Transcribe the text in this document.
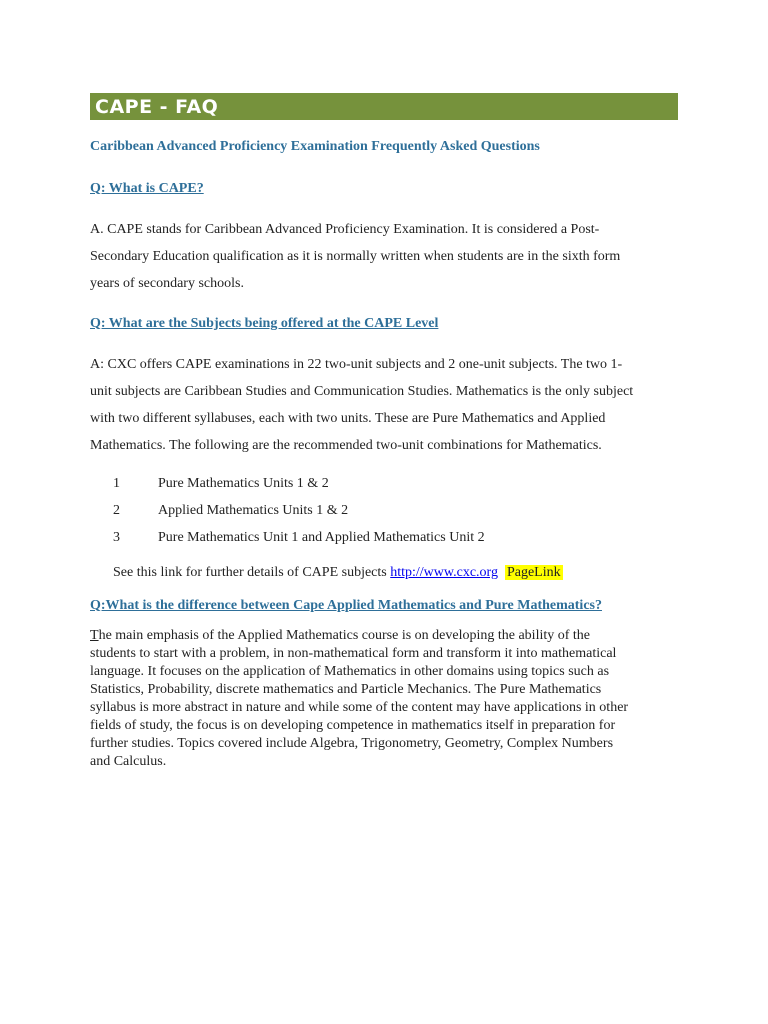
CAPE - FAQ
Caribbean Advanced Proficiency Examination Frequently Asked Questions
Q: What is CAPE?
A. CAPE stands for Caribbean Advanced Proficiency Examination. It is considered a Post-
Secondary Education qualification as it is normally written when students are in the sixth form
years of secondary schools.
Q: What are the Subjects being offered at the CAPE Level
A: CXC offers CAPE examinations in 22 two-unit subjects and 2 one-unit subjects. The two 1-
unit subjects are Caribbean Studies and Communication Studies. Mathematics is the only subject
with two different syllabuses, each with two units. These are Pure Mathematics and Applied
Mathematics. The following are the recommended two-unit combinations for Mathematics.
1	Pure Mathematics Units 1 & 2
2	Applied Mathematics Units 1 & 2
3	Pure Mathematics Unit 1 and Applied Mathematics Unit 2
See this link for further details of CAPE subjects http://www.cxc.org PageLink
Q:What is the difference between Cape Applied Mathematics and Pure Mathematics?
The main emphasis of the Applied Mathematics course is on developing the ability of the
students to start with a problem, in non-mathematical form and transform it into mathematical
language. It focuses on the application of Mathematics in other domains using topics such as
Statistics, Probability, discrete mathematics and Particle Mechanics. The Pure Mathematics
syllabus is more abstract in nature and while some of the content may have applications in other
fields of study, the focus is on developing competence in mathematics itself in preparation for
further studies. Topics covered include Algebra, Trigonometry, Geometry, Complex Numbers
and Calculus.
